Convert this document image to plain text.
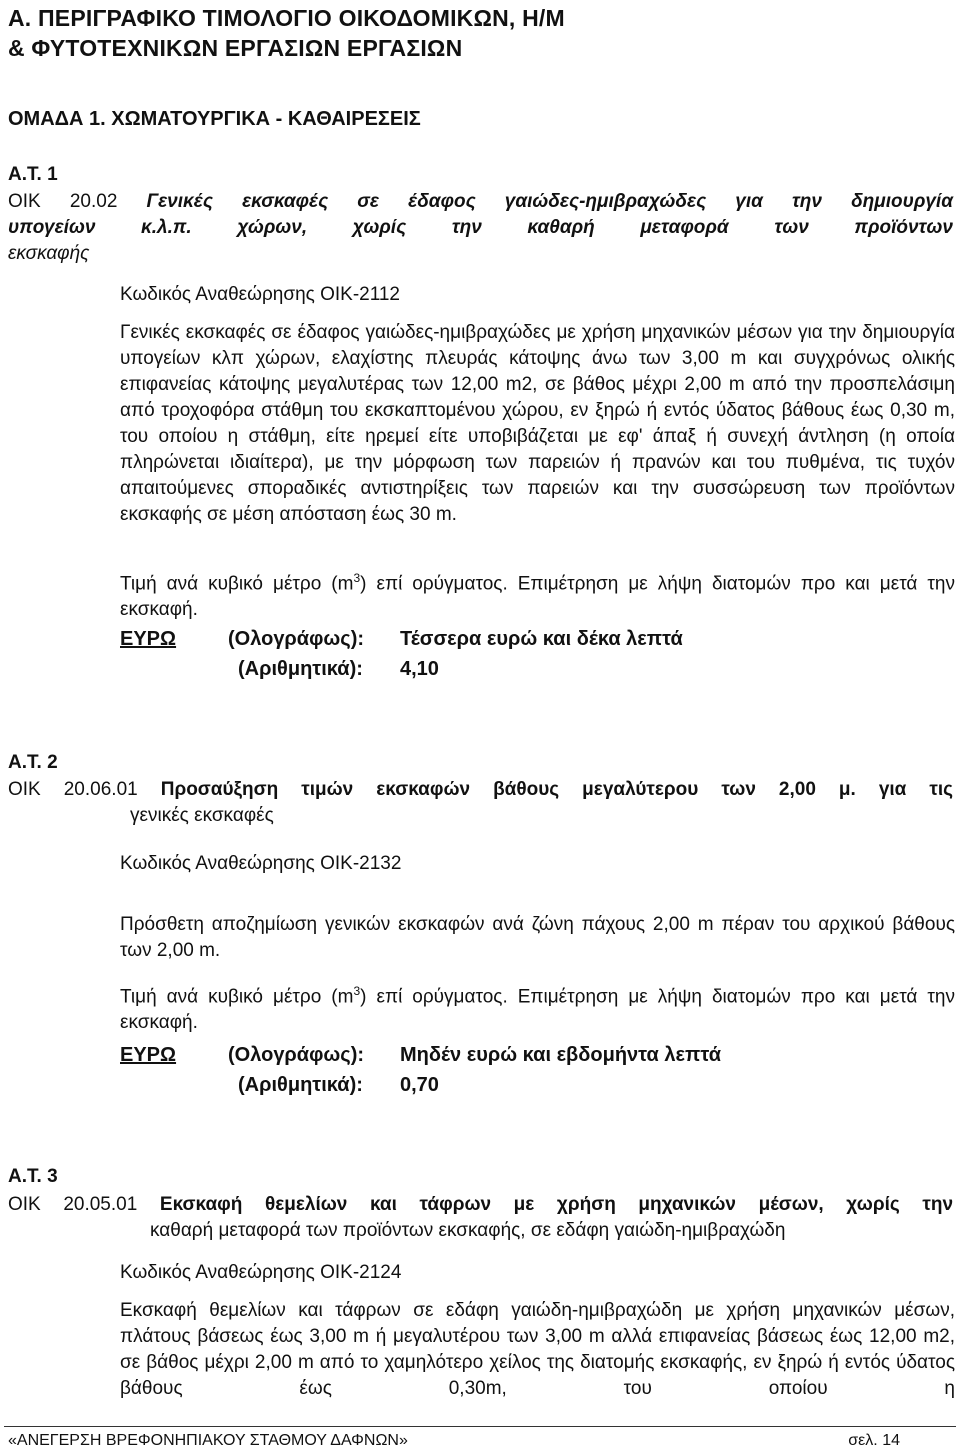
Α. ΠΕΡΙΓΡΑΦΙΚΟ ΤΙΜΟΛΟΓΙΟ ΟΙΚΟΔΟΜΙΚΩΝ, Η/Μ
& ΦΥΤΟΤΕΧΝΙΚΩΝ ΕΡΓΑΣΙΩΝ ΕΡΓΑΣΙΩΝ
ΟΜΑΔΑ 1. ΧΩΜΑΤΟΥΡΓΙΚΑ - ΚΑΘΑΙΡΕΣΕΙΣ
Α.Τ. 1
ΟΙΚ 20.02 Γενικές εκσκαφές σε έδαφος γαιώδες-ημιβραχώδες για την δημιουργία
υπογείων κ.λ.π. χώρων, χωρίς την καθαρή μεταφορά των προϊόντων
εκσκαφής
Κωδικός Αναθεώρησης ΟΙΚ-2112
Γενικές εκσκαφές σε έδαφος γαιώδες-ημιβραχώδες με χρήση μηχανικών μέσων για την δημιουργία υπογείων κλπ χώρων, ελαχίστης πλευράς κάτοψης άνω των 3,00 m και συγχρόνως ολικής επιφανείας κάτοψης μεγαλυτέρας των 12,00 m2, σε βάθος μέχρι 2,00 m από την προσπελάσιμη από τροχοφόρα στάθμη του εκσκαπτομένου χώρου, εν ξηρώ ή εντός ύδατος βάθους έως 0,30 m, του οποίου η στάθμη, είτε ηρεμεί είτε υποβιβάζεται με εφ' άπαξ ή συνεχή άντληση (η οποία πληρώνεται ιδιαίτερα), με την μόρφωση των παρειών ή πρανών και του πυθμένα, τις τυχόν απαιτούμενες σποραδικές αντιστηρίξεις των παρειών και την συσσώρευση των προϊόντων εκσκαφής σε μέση απόσταση έως 30 m.
Τιμή ανά κυβικό μέτρο $(m^3)$ επί ορύγματος. Επιμέτρηση με λήψη διατομών προ και μετά την εκσκαφή.
ΕΥΡΩ	(Ολογράφως): Τέσσερα ευρώ και δέκα λεπτά
(Αριθμητικά): 4,10
Α.Τ. 2
ΟΙΚ 20.06.01 Προσαύξηση τιμών εκσκαφών βάθους μεγαλύτερου των 2,00 μ. για τις
γενικές εκσκαφές
Κωδικός Αναθεώρησης ΟΙΚ-2132
Πρόσθετη αποζημίωση γενικών εκσκαφών ανά ζώνη πάχους 2,00 m πέραν του αρχικού βάθους των 2,00 m.
Τιμή ανά κυβικό μέτρο $(m^3)$ επί ορύγματος. Επιμέτρηση με λήψη διατομών προ και μετά την εκσκαφή.
ΕΥΡΩ	(Ολογράφως): Μηδέν ευρώ και εβδομήντα λεπτά
(Αριθμητικά): 0,70
Α.Τ. 3
ΟΙΚ 20.05.01 Εκσκαφή θεμελίων και τάφρων με χρήση μηχανικών μέσων, χωρίς την
καθαρή μεταφορά των προϊόντων εκσκαφής, σε εδάφη γαιώδη-ημιβραχώδη
Κωδικός Αναθεώρησης ΟΙΚ-2124
Εκσκαφή θεμελίων και τάφρων σε εδάφη γαιώδη-ημιβραχώδη με χρήση μηχανικών μέσων, πλάτους βάσεως έως 3,00 m ή μεγαλυτέρου των 3,00 m αλλά επιφανείας βάσεως έως 12,00 m2, σε βάθος μέχρι 2,00 m από το χαμηλότερο χείλος της διατομής εκσκαφής, εν ξηρώ ή εντός ύδατος βάθους έως 0,30m, του οποίου η
«ΑΝΕΓΕΡΣΗ ΒΡΕΦΟΝΗΠΙΑΚΟΥ ΣΤΑΘΜΟΥ ΔΑΦΝΩΝ»	σελ. 14
